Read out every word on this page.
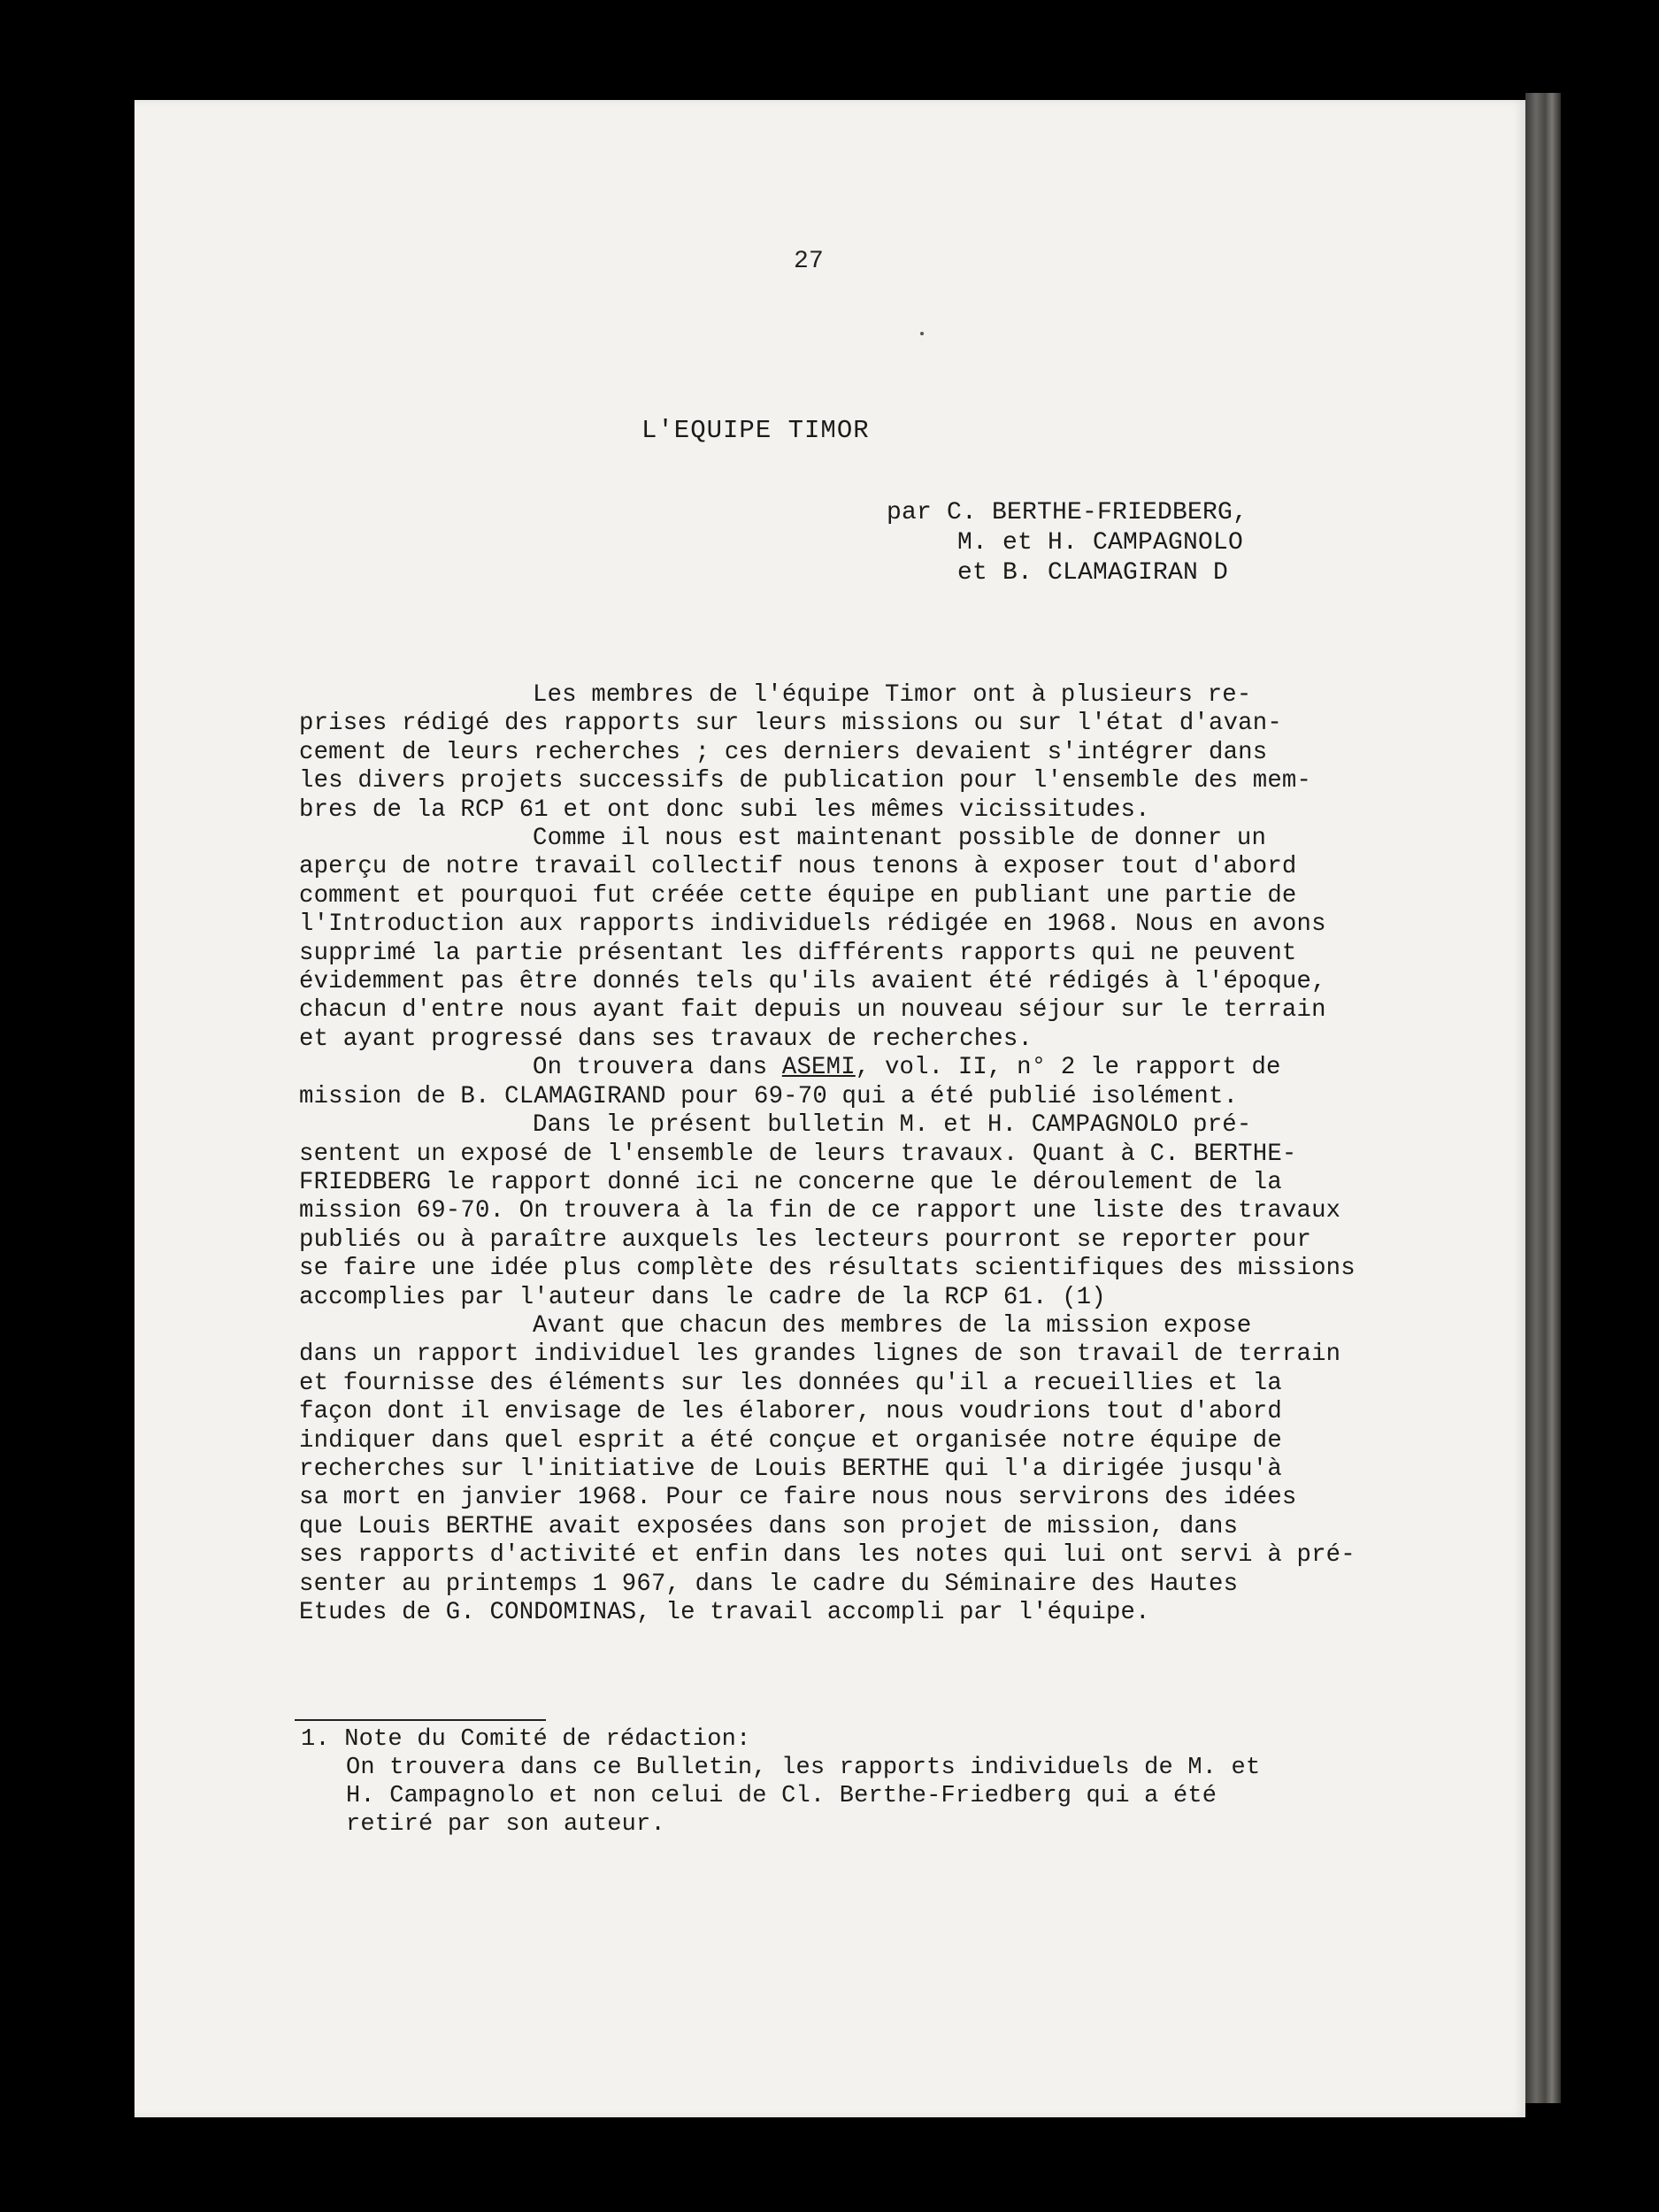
27
L'EQUIPE TIMOR
par C. BERTHE-FRIEDBERG,
M. et H. CAMPAGNOLO
et B. CLAMAGIRAN D

Les membres de l'équipe Timor ont à plusieurs re-

prises rédigé des rapports sur leurs missions ou sur l'état d'avan-

cement de leurs recherches ; ces derniers devaient s'intégrer dans

les divers projets successifs de publication pour l'ensemble des mem-

bres de la RCP 61 et ont donc subi les mêmes vicissitudes.

Comme il nous est maintenant possible de donner un

aperçu de notre travail collectif nous tenons à exposer tout d'abord

comment et pourquoi fut créée cette équipe en publiant une partie de

l'Introduction aux rapports individuels rédigée en 1968. Nous en avons

supprimé la partie présentant les différents rapports qui ne peuvent

évidemment pas être donnés tels qu'ils avaient été rédigés à l'époque,

chacun d'entre nous ayant fait depuis un nouveau séjour sur le terrain

et ayant progressé dans ses travaux de recherches.

On trouvera dans ASEMI, vol. II, n° 2 le rapport de

mission de B. CLAMAGIRAND pour 69-70 qui a été publié isolément.

Dans le présent bulletin M. et H. CAMPAGNOLO pré-

sentent un exposé de l'ensemble de leurs travaux. Quant à C. BERTHE-

FRIEDBERG le rapport donné ici ne concerne que le déroulement de la

mission 69-70. On trouvera à la fin de ce rapport une liste des travaux

publiés ou à paraître auxquels les lecteurs pourront se reporter pour

se faire une idée plus complète des résultats scientifiques des missions

accomplies par l'auteur dans le cadre de la RCP 61. (1)

Avant que chacun des membres de la mission expose

dans un rapport individuel les grandes lignes de son travail de terrain

et fournisse des éléments sur les données qu'il a recueillies et la

façon dont il envisage de les élaborer, nous voudrions tout d'abord

indiquer dans quel esprit a été conçue et organisée notre équipe de

recherches sur l'initiative de Louis BERTHE qui l'a dirigée jusqu'à

sa mort en janvier 1968. Pour ce faire nous nous servirons des idées

que Louis BERTHE avait exposées dans son projet de mission, dans

ses rapports d'activité et enfin dans les notes qui lui ont servi à pré-

senter au printemps 1 967, dans le cadre du Séminaire des Hautes

Etudes de G. CONDOMINAS, le travail accompli par l'équipe.

1. Note du Comité de rédaction:
On trouvera dans ce Bulletin, les rapports individuels de M. et
H. Campagnolo et non celui de Cl. Berthe-Friedberg qui a été
retiré par son auteur.
